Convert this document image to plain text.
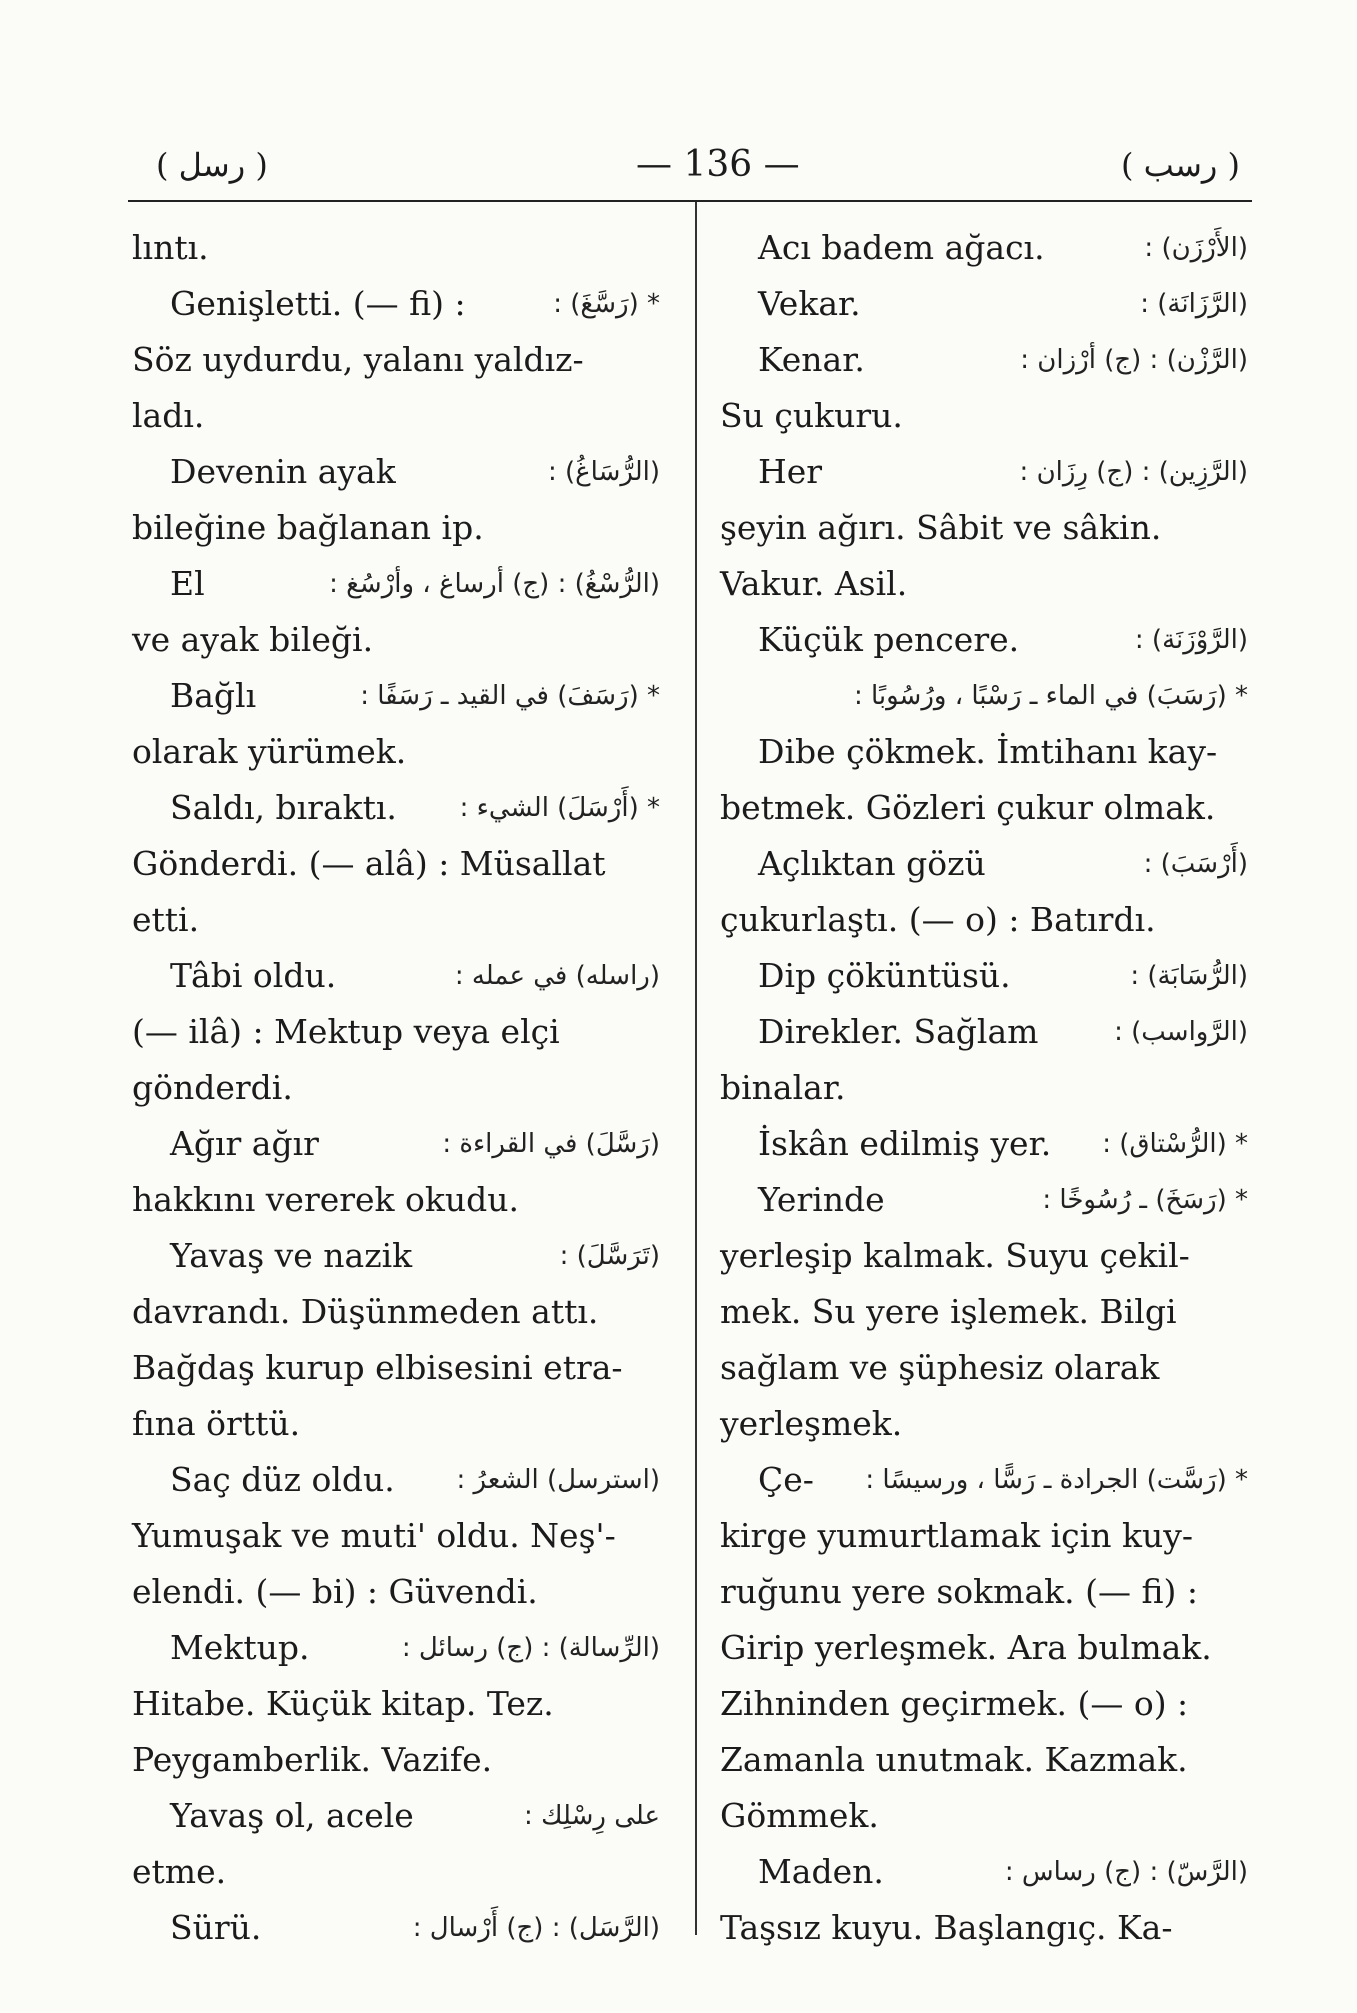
( رسل )	— 136 —	( رسب )
lıntı.
Genişletti. (— fi) :	* (رَسَّغَ) :
Söz uydurdu, yalanı yaldız-
ladı.
Devenin ayak	(الرُّسَاغُ) :
bileğine bağlanan ip.
El	(الرُّسْغُ) : (ج) أرساغ ، وأرْسُغ :
ve ayak bileği.
Bağlı	* (رَسَفَ) في القيد ـ رَسَفًا :
olarak yürümek.
Saldı, bıraktı. * (أَرْسَلَ) الشيء :
Gönderdi. (— alâ) : Müsallat
etti.
Tâbi oldu.	(راسله) في عمله :
(— ilâ) : Mektup veya elçi
gönderdi.
Ağır ağır	(رَسَّلَ) في القراءة :
hakkını vererek okudu.
Yavaş ve nazik	(تَرَسَّلَ) :
davrandı. Düşünmeden attı.
Bağdaş kurup elbisesini etra-
fına örttü.
Saç düz oldu. (استرسل) الشعرُ :
Yumuşak ve muti' oldu. Neş'-
elendi. (— bi) : Güvendi.
Mektup.	(الرِّسالة) : (ج) رسائل :
Hitabe. Küçük kitap. Tez.
Peygamberlik. Vazife.
Yavaş ol, acele	على رِسْلِك :
etme.
Sürü.	(الرَّسَل) : (ج) أَرْسال :
Acı badem ağacı.	(الأَرْزَن) :
Vekar.	(الرَّزَانَة) :
Kenar.	(الرَّزْن) : (ج) أرْزان :
Su çukuru.
Her	(الرَّزِين) : (ج) رِزَان :
şeyin ağırı. Sâbit ve sâkin.
Vakur. Asil.
Küçük pencere.	(الرَّوْزَنَة) :
* (رَسَبَ) في الماء ـ رَسْبًا ، ورُسُوبًا :
Dibe çökmek. İmtihanı kay-
betmek. Gözleri çukur olmak.
Açlıktan gözü	(أَرْسَبَ) :
çukurlaştı. (— o) : Batırdı.
Dip çöküntüsü.	(الرُّسَابَة) :
Direkler. Sağlam	(الرَّواسب) :
binalar.
İskân edilmiş yer. * (الرُّسْتاق) :
Yerinde	* (رَسَخَ) ـ رُسُوخًا :
yerleşip kalmak. Suyu çekil-
mek. Su yere işlemek. Bilgi
sağlam ve şüphesiz olarak
yerleşmek.
Çe- * (رَسَّت) الجرادة ـ رَسًّا ، ورسيسًا :
kirge yumurtlamak için kuy-
ruğunu yere sokmak. (— fi) :
Girip yerleşmek. Ara bulmak.
Zihninden geçirmek. (— o) :
Zamanla unutmak. Kazmak.
Gömmek.
Maden.	(الرَّسّ) : (ج) رساس :
Taşsız kuyu. Başlangıç. Ka-
